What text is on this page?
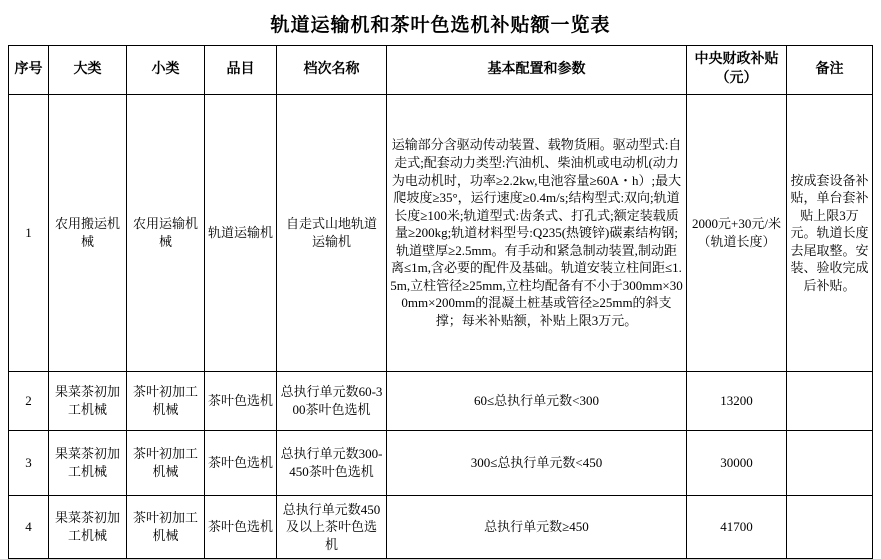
轨道运输机和茶叶色选机补贴额一览表
序号	大类	小类	品目	档次名称	基本配置和参数	中央财政补贴（元）	备注
1	农用搬运机械	农用运输机械	轨道运输机	自走式山地轨道运输机	运输部分含驱动传动装置、载物货厢。驱动型式:自走式;配套动力类型:汽油机、柴油机或电动机(动力为电动机时，功率≥2.2kw,电池容量≥60A・h）;最大爬坡度≥35°，运行速度≥0.4m/s;结构型式:双向;轨道长度≥100米;轨道型式:齿条式、打孔式;额定装载质量≥200kg;轨道材料型号:Q235(热镀锌)碳素结构钢;轨道壁厚≥2.5mm。有手动和紧急制动装置,制动距离≤1m,含必要的配件及基础。轨道安装立柱间距≤1.5m,立柱管径≥25mm,立柱均配备有不小于300mm×300mm×200mm的混凝土桩基或管径≥25mm的斜支撑；每米补贴额，补贴上限3万元。	2000元+30元/米（轨道长度）	按成套设备补贴，单台套补贴上限3万元。轨道长度去尾取整。安装、验收完成后补贴。
2	果菜茶初加工机械	茶叶初加工机械	茶叶色选机	总执行单元数60-300茶叶色选机	60≤总执行单元数<300	13200	
3	果菜茶初加工机械	茶叶初加工机械	茶叶色选机	总执行单元数300-450茶叶色选机	300≤总执行单元数<450	30000	
4	果菜茶初加工机械	茶叶初加工机械	茶叶色选机	总执行单元数450及以上茶叶色选机	总执行单元数≥450	41700	
